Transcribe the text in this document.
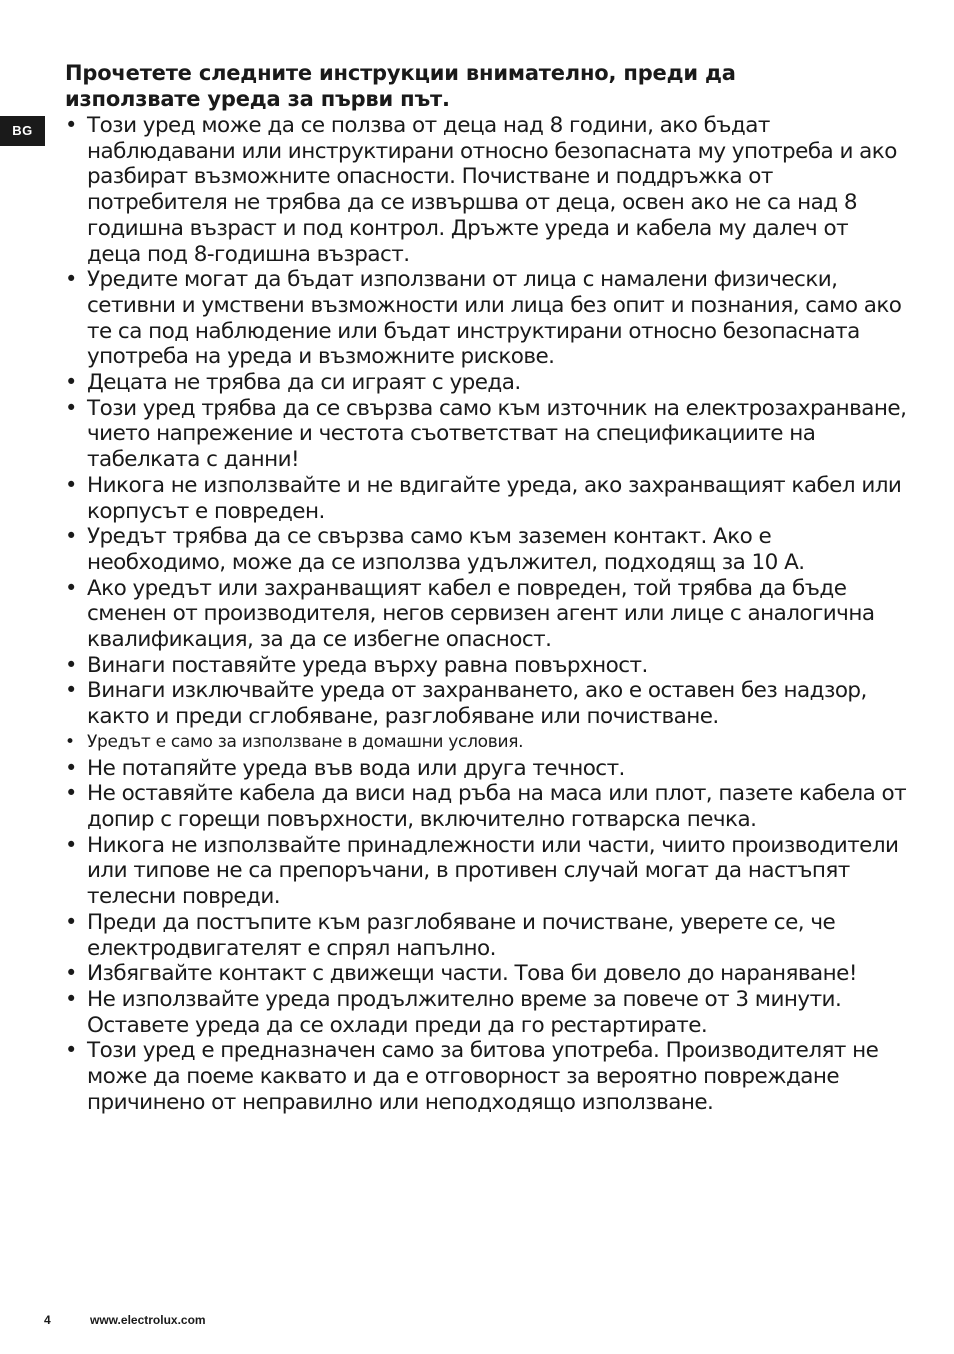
BG
Прочетете следните инструкции внимателно, преди да използвате уреда за първи път.
• Този уред може да се ползва от деца над 8 години, ако бъдат наблюдавани или инструктирани относно безопасната му употреба и ако разбират възможните опасности. Почистване и поддръжка от потребителя не трябва да се извършва от деца, освен ако не са над 8 годишна възраст и под контрол. Дръжте уреда и кабела му далеч от деца под 8-годишна възраст.
• Уредите могат да бъдат използвани от лица с намалени физически, сетивни и умствени възможности или лица без опит и познания, само ако те са под наблюдение или бъдат инструктирани относно безопасната употреба на уреда и възможните рискове.
• Децата не трябва да си играят с уреда.
• Този уред трябва да се свързва само към източник на електрозахранване, чието напрежение и честота съответстват на спецификациите на табелката с данни!
• Никога не използвайте и не вдигайте уреда, ако захранващият кабел или корпусът е повреден.
• Уредът трябва да се свързва само към заземен контакт. Ако е необходимо, може да се използва удължител, подходящ за 10 А.
• Ако уредът или захранващият кабел е повреден, той трябва да бъде сменен от производителя, негов сервизен агент или лице с аналогична квалификация, за да се избегне опасност.
• Винаги поставяйте уреда върху равна повърхност.
• Винаги изключвайте уреда от захранването, ако е оставен без надзор, както и преди сглобяване, разглобяване или почистване.
• Уредът е само за използване в домашни условия.
• Не потапяйте уреда във вода или друга течност.
• Не оставяйте кабела да виси над ръба на маса или плот, пазете кабела от допир с горещи повърхности, включително готварска печка.
• Никога не използвайте принадлежности или части, чиито производители или типове не са препоръчани, в противен случай могат да настъпят телесни повреди.
• Преди да постъпите към разглобяване и почистване, уверете се, че електродвигателят е спрял напълно.
• Избягвайте контакт с движещи части. Това би довело до нараняване!
• Не използвайте уреда продължително време за повече от 3 минути. Оставете уреда да се охлади преди да го рестартирате.
• Този уред е предназначен само за битова употреба. Производителят не може да поеме каквато и да е отговорност за вероятно повреждане причинено от неправилно или неподходящо използване.
4	www.electrolux.com
